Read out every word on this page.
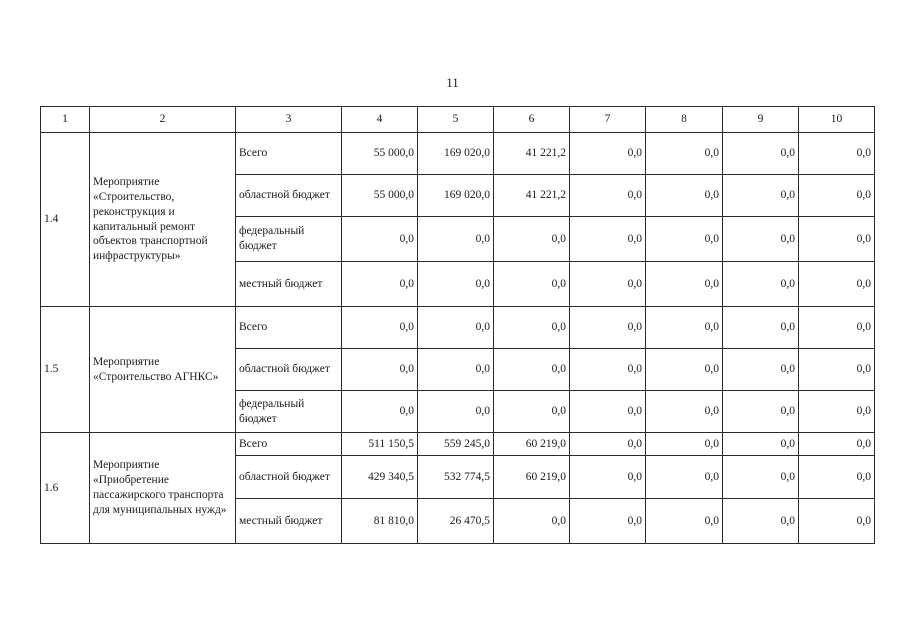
11
1	2	3	4	5	6	7	8	9	10
1.4	Мероприятие «Строительство, реконструкция и капитальный ремонт объектов транспортной инфраструктуры»	Всего	55 000,0	169 020,0	41 221,2	0,0	0,0	0,0	0,0
		областной бюджет	55 000,0	169 020,0	41 221,2	0,0	0,0	0,0	0,0
		федеральный бюджет	0,0	0,0	0,0	0,0	0,0	0,0	0,0
		местный бюджет	0,0	0,0	0,0	0,0	0,0	0,0	0,0
1.5	Мероприятие «Строительство АГНКС»	Всего	0,0	0,0	0,0	0,0	0,0	0,0	0,0
		областной бюджет	0,0	0,0	0,0	0,0	0,0	0,0	0,0
		федеральный бюджет	0,0	0,0	0,0	0,0	0,0	0,0	0,0
1.6	Мероприятие «Приобретение пассажирского транспорта для муниципальных нужд»	Всего	511 150,5	559 245,0	60 219,0	0,0	0,0	0,0	0,0
		областной бюджет	429 340,5	532 774,5	60 219,0	0,0	0,0	0,0	0,0
		местный бюджет	81 810,0	26 470,5	0,0	0,0	0,0	0,0	0,0
